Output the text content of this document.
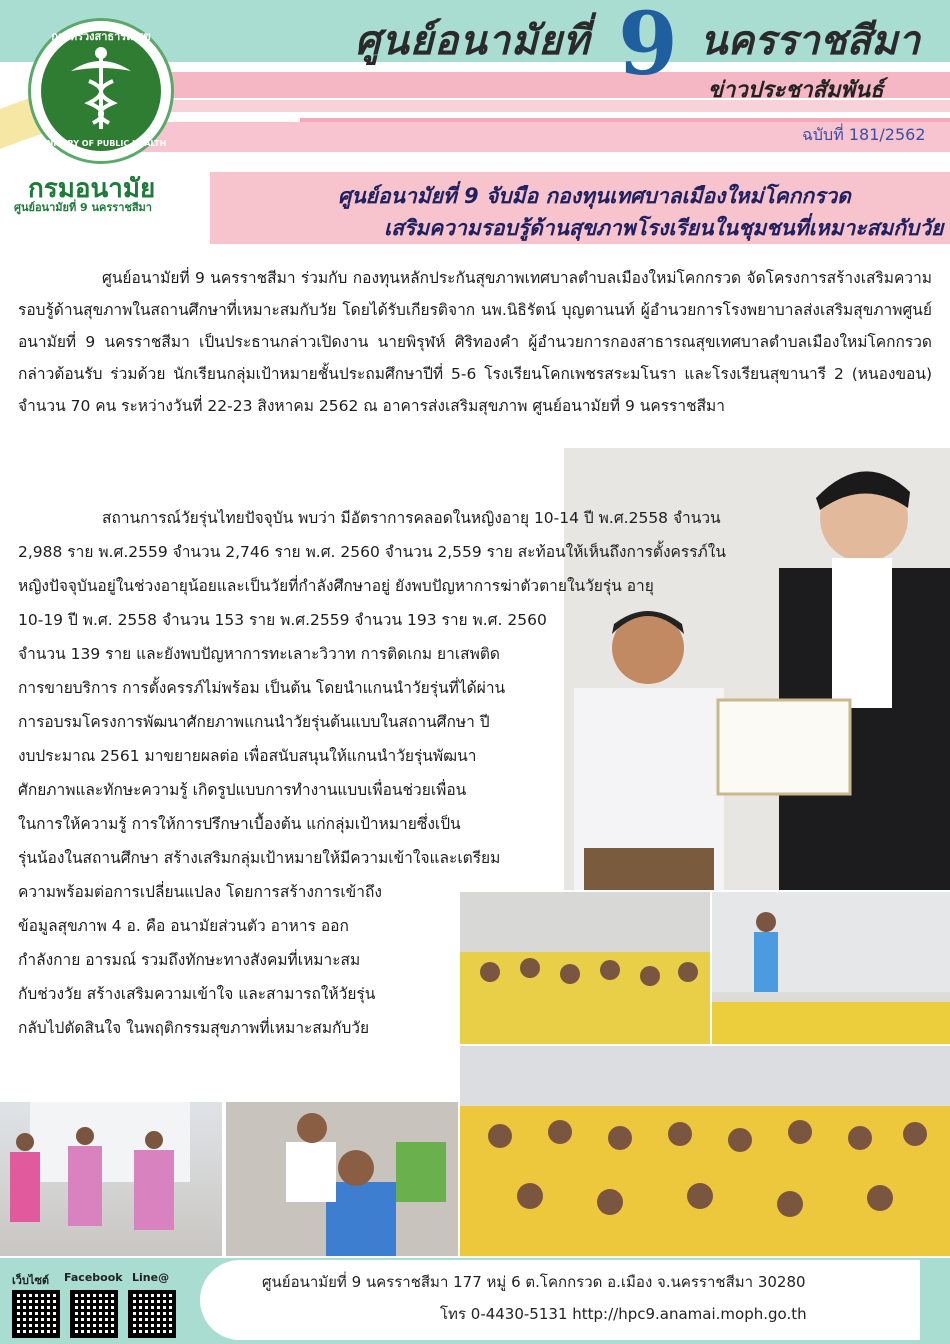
กระทรวงสาธารณสุข
MINISTRY OF PUBLIC HEALTH
ศูนย์อนามัยที่ 9 นครราชสีมา
ข่าวประชาสัมพันธ์
ฉบับที่ 181/2562
กรมอนามัย
ศูนย์อนามัยที่ 9 นครราชสีมา	ศูนย์อนามัยที่ 9 จับมือ กองทุนเทศบาลเมืองใหม่โคกกรวด
เสริมความรอบรู้ด้านสุขภาพโรงเรียนในชุมชนที่เหมาะสมกับวัย
ศูนย์อนามัยที่ 9 นครราชสีมา ร่วมกับ กองทุนหลักประกันสุขภาพเทศบาลตำบลเมืองใหม่โคกกรวด จัดโครงการสร้างเสริมความรอบรู้ด้านสุขภาพในสถานศึกษาที่เหมาะสมกับวัย โดยได้รับเกียรติจาก นพ.นิธิรัตน์ บุญตานนท์ ผู้อำนวยการโรงพยาบาลส่งเสริมสุขภาพศูนย์อนามัยที่ 9 นครราชสีมา เป็นประธานกล่าวเปิดงาน นายพิรุฬห์ ศิริทองคำ ผู้อำนวยการกองสาธารณสุขเทศบาลตำบลเมืองใหม่โคกกรวด กล่าวต้อนรับ ร่วมด้วย นักเรียนกลุ่มเป้าหมายชั้นประถมศึกษาปีที่ 5-6 โรงเรียนโคกเพชรสระมโนรา และโรงเรียนสุขานารี 2 (หนองขอน) จำนวน 70 คน ระหว่างวันที่ 22-23 สิงหาคม 2562 ณ อาคารส่งเสริมสุขภาพ ศูนย์อนามัยที่ 9 นครราชสีมา
สถานการณ์วัยรุ่นไทยปัจจุบัน พบว่า มีอัตราการคลอดในหญิงอายุ 10-14 ปี พ.ศ.2558 จำนวน
2,988 ราย พ.ศ.2559 จำนวน 2,746 ราย พ.ศ. 2560 จำนวน 2,559 ราย สะท้อนให้เห็นถึงการตั้งครรภ์ใน
หญิงปัจจุบันอยู่ในช่วงอายุน้อยและเป็นวัยที่กำลังศึกษาอยู่ ยังพบปัญหาการฆ่าตัวตายในวัยรุ่น อายุ
10-19 ปี พ.ศ. 2558 จำนวน 153 ราย พ.ศ.2559 จำนวน 193 ราย พ.ศ. 2560
จำนวน 139 ราย และยังพบปัญหาการทะเลาะวิวาท การติดเกม ยาเสพติด
การขายบริการ การตั้งครรภ์ไม่พร้อม เป็นต้น โดยนำแกนนำวัยรุ่นที่ได้ผ่าน
การอบรมโครงการพัฒนาศักยภาพแกนนำวัยรุ่นต้นแบบในสถานศึกษา ปี
งบประมาณ 2561 มาขยายผลต่อ เพื่อสนับสนุนให้แกนนำวัยรุ่นพัฒนา
ศักยภาพและทักษะความรู้ เกิดรูปแบบการทำงานแบบเพื่อนช่วยเพื่อน
ในการให้ความรู้ การให้การปรึกษาเบื้องต้น แก่กลุ่มเป้าหมายซึ่งเป็น
รุ่นน้องในสถานศึกษา สร้างเสริมกลุ่มเป้าหมายให้มีความเข้าใจและเตรียม
ความพร้อมต่อการเปลี่ยนแปลง โดยการสร้างการเข้าถึง
ข้อมูลสุขภาพ 4 อ. คือ อนามัยส่วนตัว อาหาร ออก
กำลังกาย อารมณ์ รวมถึงทักษะทางสังคมที่เหมาะสม
กับช่วงวัย สร้างเสริมความเข้าใจ และสามารถให้วัยรุ่น
กลับไปตัดสินใจ ในพฤติกรรมสุขภาพที่เหมาะสมกับวัย
ศูนย์อนามัยที่ 9 นครราชสีมา 177 หมู่ 6 ต.โคกกรวด อ.เมือง จ.นครราชสีมา 30280
โทร 0-4430-5131 http://hpc9.anamai.moph.go.th
เว็บไซต์ Facebook Line@
